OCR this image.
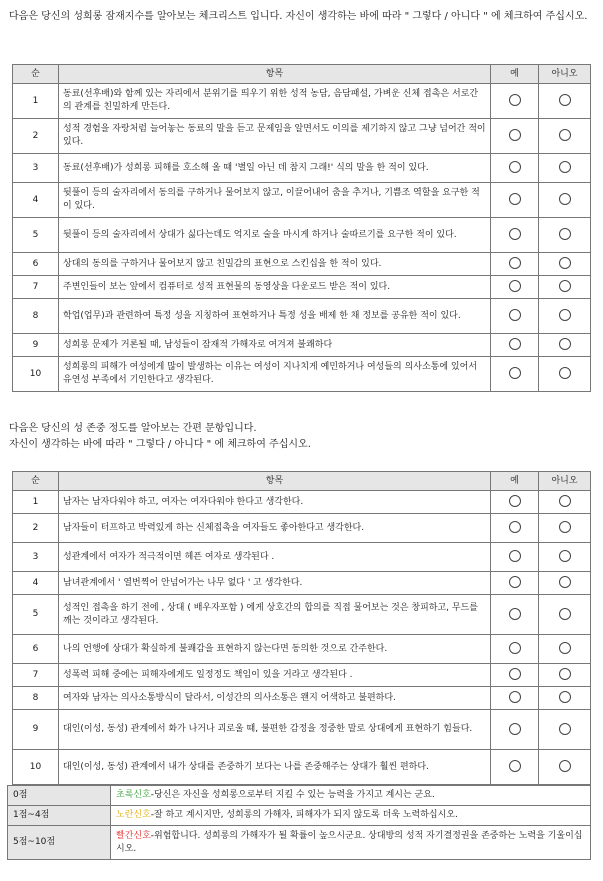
다음은 당신의 성희롱 잠재지수를 알아보는 체크리스트 입니다. 자신이 생각하는 바에 따라 " 그렇다 / 아니다 " 에 체크하여 주십시오.
순	항목	예	아니오
1	동료(선후배)와 함께 있는 자리에서 분위기를 띄우기 위한 성적 농담, 음담패설, 가벼운 신체 접촉은 서로간의 관계를 친밀하게 만든다.		
2	성적 경험을 자랑처럼 늘어놓는 동료의 말을 듣고 문제임을 알면서도 이의를 제기하지 않고 그냥 넘어간 적이 있다.		
3	동료(선후배)가 성희롱 피해를 호소해 올 때 '별일 아닌 데 참지 그래!' 식의 말을 한 적이 있다.		
4	뒷풀이 등의 술자리에서 동의를 구하거나 물어보지 않고, 이끌어내어 춤을 추거나, 기쁨조 역할을 요구한 적이 있다.		
5	뒷풀이 등의 술자리에서 상대가 싫다는데도 억지로 술을 마시게 하거나 술따르기를 요구한 적이 있다.		
6	상대의 동의를 구하거나 물어보지 않고 친밀감의 표현으로 스킨십을 한 적이 있다.		
7	주변인들이 보는 앞에서 컴퓨터로 성적 표현물의 동영상을 다운로드 받은 적이 있다.		
8	학업(업무)과 관련하여 특정 성을 지칭하여 표현하거나 특정 성을 배제 한 채 정보를 공유한 적이 있다.		
9	성희롱 문제가 거론될 때, 남성들이 잠재적 가해자로 여겨져 불쾌하다		
10	성희롱의 피해가 여성에게 많이 발생하는 이유는 여성이 지나치게 예민하거나 여성들의 의사소통에 있어서 유연성 부족에서 기인한다고 생각된다.		
다음은 당신의 성 존중 정도를 알아보는 간편 문항입니다.
자신이 생각하는 바에 따라 " 그렇다 / 아니다 " 에 체크하여 주십시오.
순	항목	예	아니오
1	남자는 남자다워야 하고, 여자는 여자다워야 한다고 생각한다.		
2	남자들이 터프하고 박력있게 하는 신체접촉을 여자들도 좋아한다고 생각한다.		
3	성관계에서 여자가 적극적이면 헤픈 여자로 생각된다 .		
4	남녀관계에서 ' 열번찍어 안넘어가는 나무 없다 ' 고 생각한다.		
5	성적인 접촉을 하기 전에 , 상대 ( 배우자포함 ) 에게 상호간의 합의를 직접 물어보는 것은 창피하고, 무드를 깨는 것이라고 생각된다.		
6	나의 언행에 상대가 확실하게 불쾌감을 표현하지 않는다면 동의한 것으로 간주한다.		
7	성폭력 피해 중에는 피해자에게도 일정정도 책임이 있을 거라고 생각된다 .		
8	여자와 남자는 의사소통방식이 달라서, 이성간의 의사소통은 왠지 어색하고 불편하다.		
9	대인(이성, 동성) 관계에서 화가 나거나 괴로울 때, 불편한 감정을 정중한 말로 상대에게 표현하기 힘들다.		
10	대인(이성, 동성) 관계에서 내가 상대를 존중하기 보다는 나를 존중해주는 상대가 훨씬 편하다.		
0점	초록신호-당신은 자신을 성희롱으로부터 지킬 수 있는 능력을 가지고 계시는 군요.
1점~4점	노란신호-잘 하고 계시지만, 성희롱의 가해자, 피해자가 되지 않도록 더욱 노력하십시오.
5점~10점	빨간신호-위험합니다. 성희롱의 가해자가 될 확률이 높으시군요. 상대방의 성적 자기결정권을 존중하는 노력을 기울이십시오.
